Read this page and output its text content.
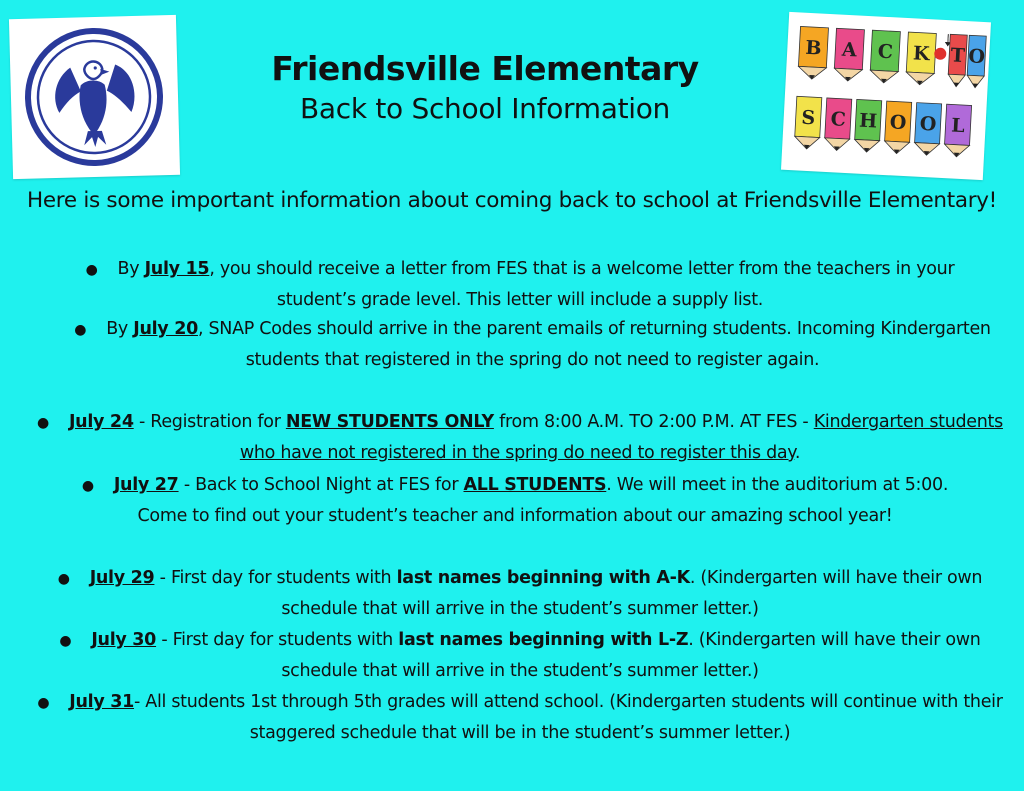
B A C K T O
S C H O O L
Friendsville Elementary
Back to School Information
Here is some important information about coming back to school at Friendsville Elementary!
● By July 15, you should receive a letter from FES that is a welcome letter from the teachers in your student’s grade level. This letter will include a supply list.
● By July 20, SNAP Codes should arrive in the parent emails of returning students. Incoming Kindergarten students that registered in the spring do not need to register again.
● July 24 - Registration for NEW STUDENTS ONLY from 8:00 A.M. TO 2:00 P.M. AT FES - Kindergarten students who have not registered in the spring do need to register this day.
● July 27 - Back to School Night at FES for ALL STUDENTS. We will meet in the auditorium at 5:00. Come to find out your student’s teacher and information about our amazing school year!
● July 29 - First day for students with last names beginning with A-K. (Kindergarten will have their own schedule that will arrive in the student’s summer letter.)
● July 30 - First day for students with last names beginning with L-Z. (Kindergarten will have their own schedule that will arrive in the student’s summer letter.)
● July 31- All students 1st through 5th grades will attend school. (Kindergarten students will continue with their staggered schedule that will be in the student’s summer letter.)
